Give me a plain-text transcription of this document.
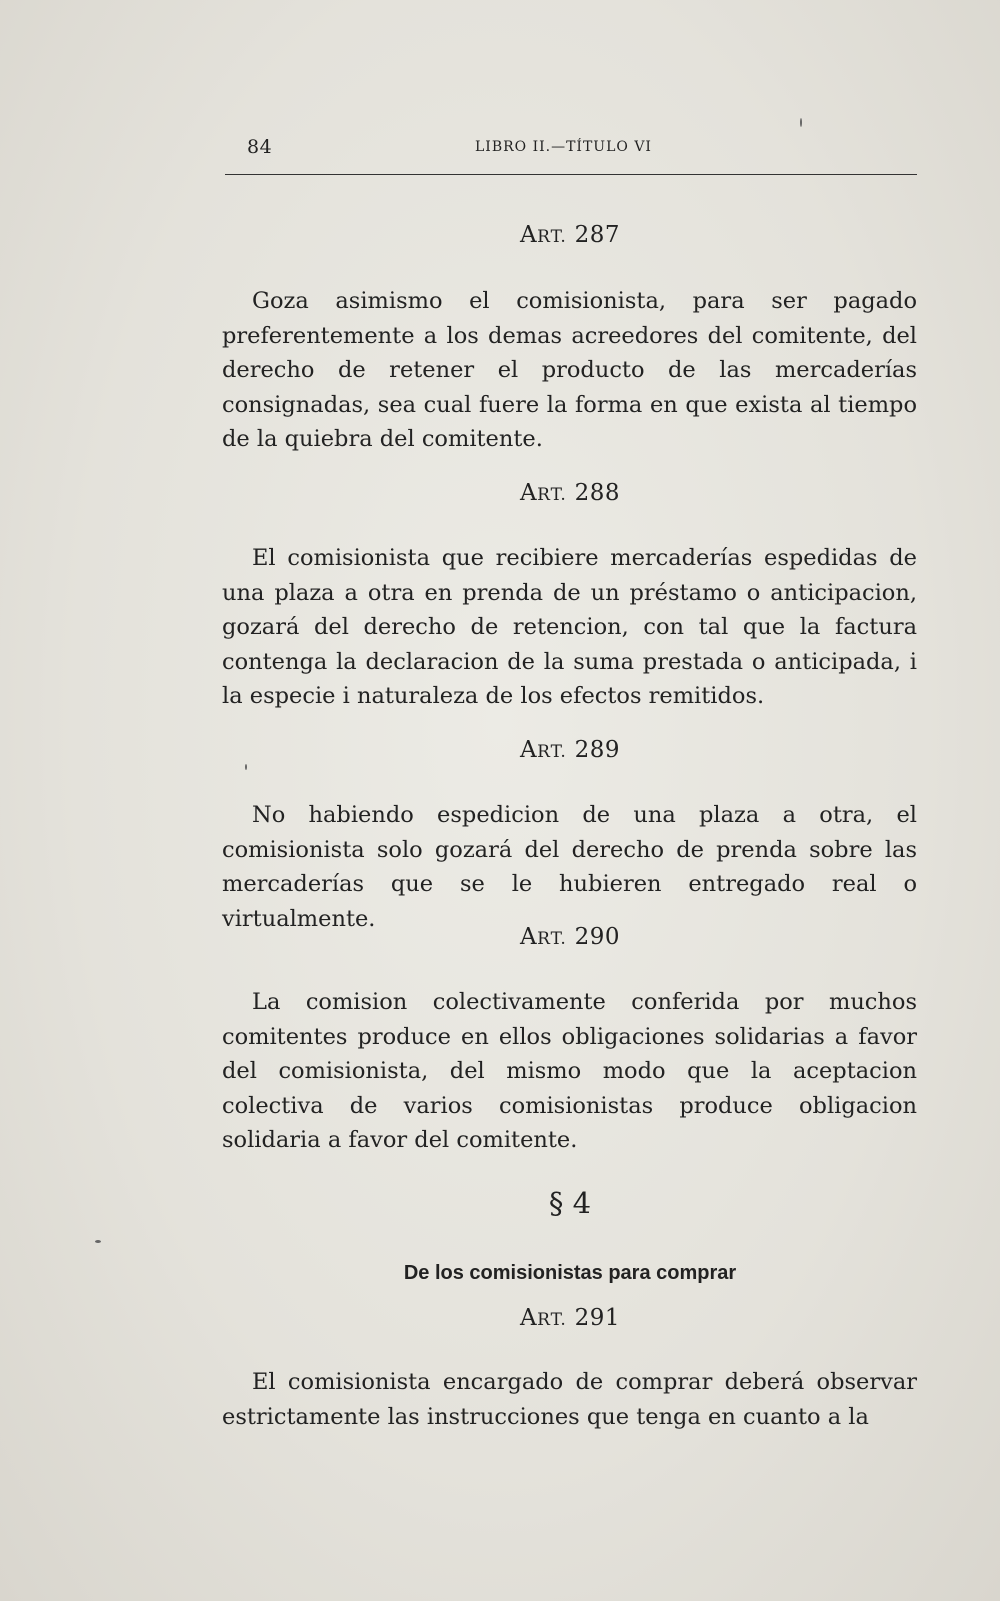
84	LIBRO II.—TÍTULO VI
ART. 287

Goza asimismo el comisionista, para ser pagado preferentemente a los demas acreedores del comitente, del derecho de retener el producto de las mercaderías consignadas, sea cual fuere la forma en que exista al tiempo de la quiebra del comitente.

ART. 288

El comisionista que recibiere mercaderías espedidas de una plaza a otra en prenda de un préstamo o anticipacion, gozará del derecho de retencion, con tal que la factura contenga la declaracion de la suma prestada o anticipada, i la especie i naturaleza de los efectos remitidos.

ART. 289

No habiendo espedicion de una plaza a otra, el comisionista solo gozará del derecho de prenda sobre las mercaderías que se le hubieren entregado real o virtualmente.

ART. 290

La comision colectivamente conferida por muchos comitentes produce en ellos obligaciones solidarias a favor del comisionista, del mismo modo que la aceptacion colectiva de varios comisionistas produce obligacion solidaria a favor del comitente.

§ 4
De los comisionistas para comprar
ART. 291

El comisionista encargado de comprar deberá observar estrictamente las instrucciones que tenga en cuanto a la
